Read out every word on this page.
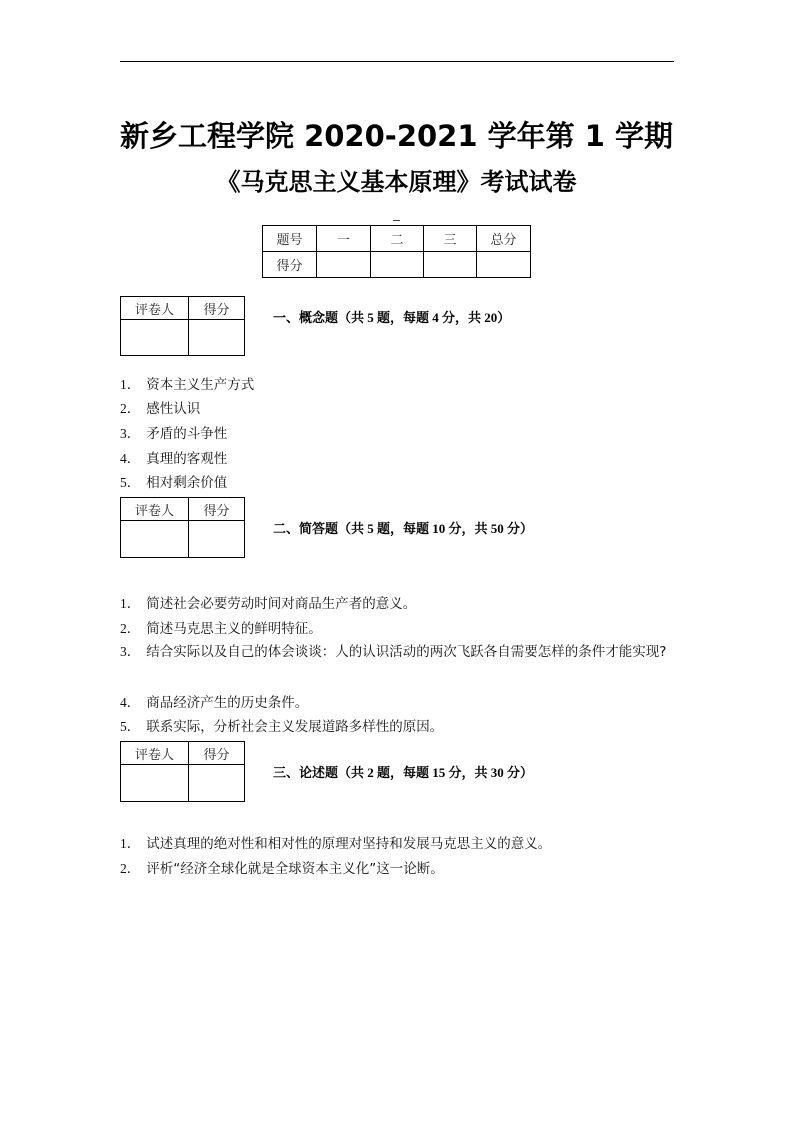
新乡工程学院 2020-2021 学年第 1 学期
《马克思主义基本原理》考试试卷
题号	一	二	三	总分
得分				
评卷人	得分
		一、概念题（共 5 题，每题 4 分，共 20）
1． 资本主义生产方式
2． 感性认识
3． 矛盾的斗争性
4． 真理的客观性
5． 相对剩余价值
评卷人	得分

二、简答题（共 5 题，每题 10 分，共 50 分）
1． 简述社会必要劳动时间对商品生产者的意义。
2． 简述马克思主义的鲜明特征。
3． 结合实际以及自己的体会谈谈：人的认识活动的两次飞跃各自需要怎样的条件才能实现?
4． 商品经济产生的历史条件。
5． 联系实际，分析社会主义发展道路多样性的原因。
评卷人	得分

三、论述题（共 2 题，每题 15 分，共 30 分）
1． 试述真理的绝对性和相对性的原理对坚持和发展马克思主义的意义。
2． 评析“经济全球化就是全球资本主义化”这一论断。
